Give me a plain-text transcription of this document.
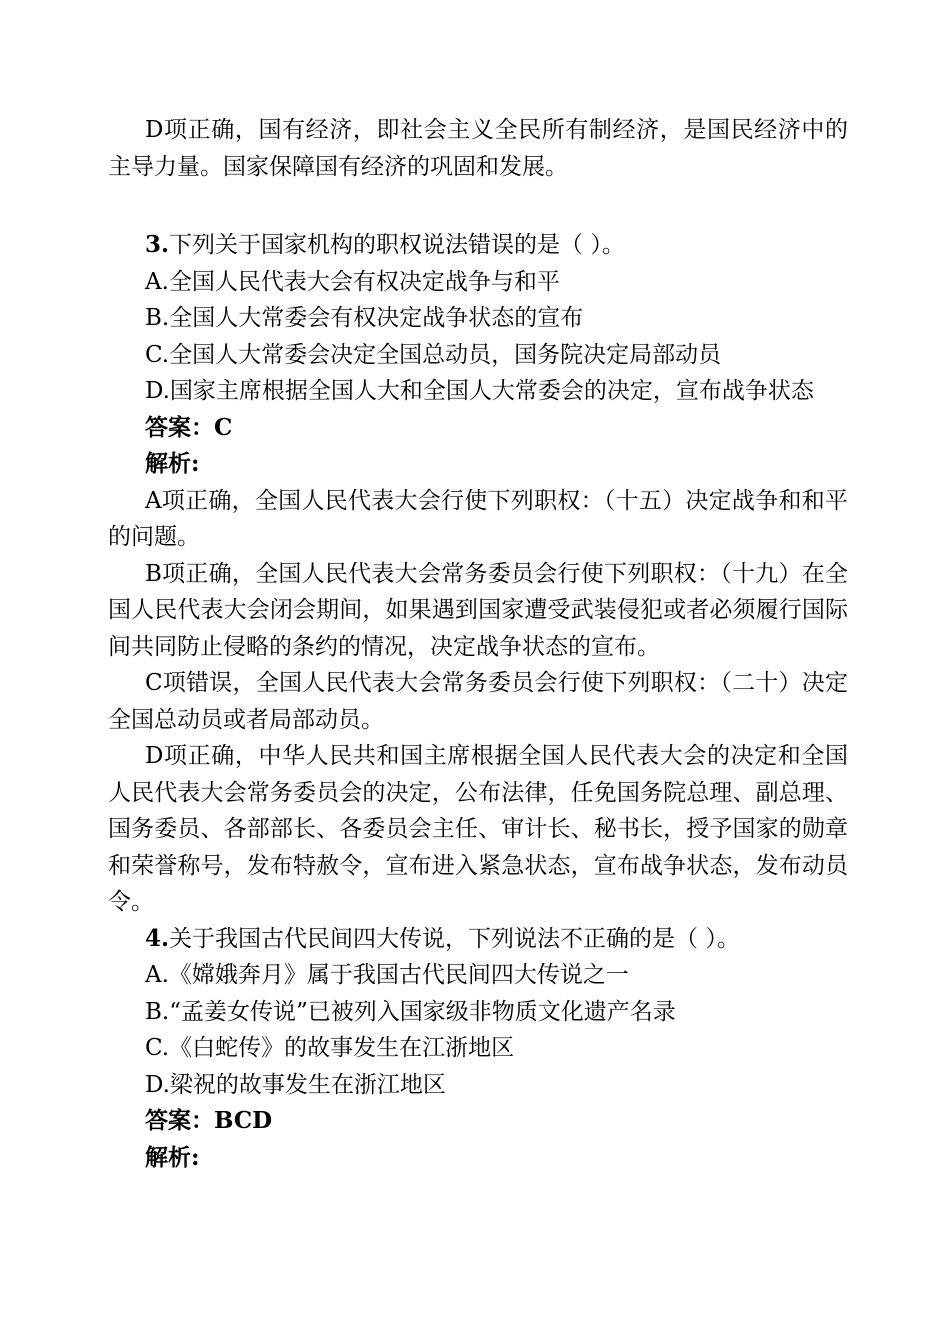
D项正确，国有经济，即社会主义全民所有制经济，是国民经济中的主导力量。国家保障国有经济的巩固和发展。

3.下列关于国家机构的职权说法错误的是（ ）。

A.全国人民代表大会有权决定战争与和平

B.全国人大常委会有权决定战争状态的宣布

C.全国人大常委会决定全国总动员，国务院决定局部动员

D.国家主席根据全国人大和全国人大常委会的决定，宣布战争状态

答案：C

解析:

A项正确，全国人民代表大会行使下列职权：（十五）决定战争和和平的问题。

B项正确，全国人民代表大会常务委员会行使下列职权：（十九）在全国人民代表大会闭会期间，如果遇到国家遭受武装侵犯或者必须履行国际间共同防止侵略的条约的情况，决定战争状态的宣布。

C项错误，全国人民代表大会常务委员会行使下列职权：（二十）决定全国总动员或者局部动员。

D项正确，中华人民共和国主席根据全国人民代表大会的决定和全国人民代表大会常务委员会的决定，公布法律，任免国务院总理、副总理、国务委员、各部部长、各委员会主任、审计长、秘书长，授予国家的勋章和荣誉称号，发布特赦令，宣布进入紧急状态，宣布战争状态，发布动员令。

4.关于我国古代民间四大传说，下列说法不正确的是（ ）。

A.《嫦娥奔月》属于我国古代民间四大传说之一

B.“孟姜女传说”已被列入国家级非物质文化遗产名录

C.《白蛇传》的故事发生在江浙地区

D.梁祝的故事发生在浙江地区

答案：BCD

解析:
